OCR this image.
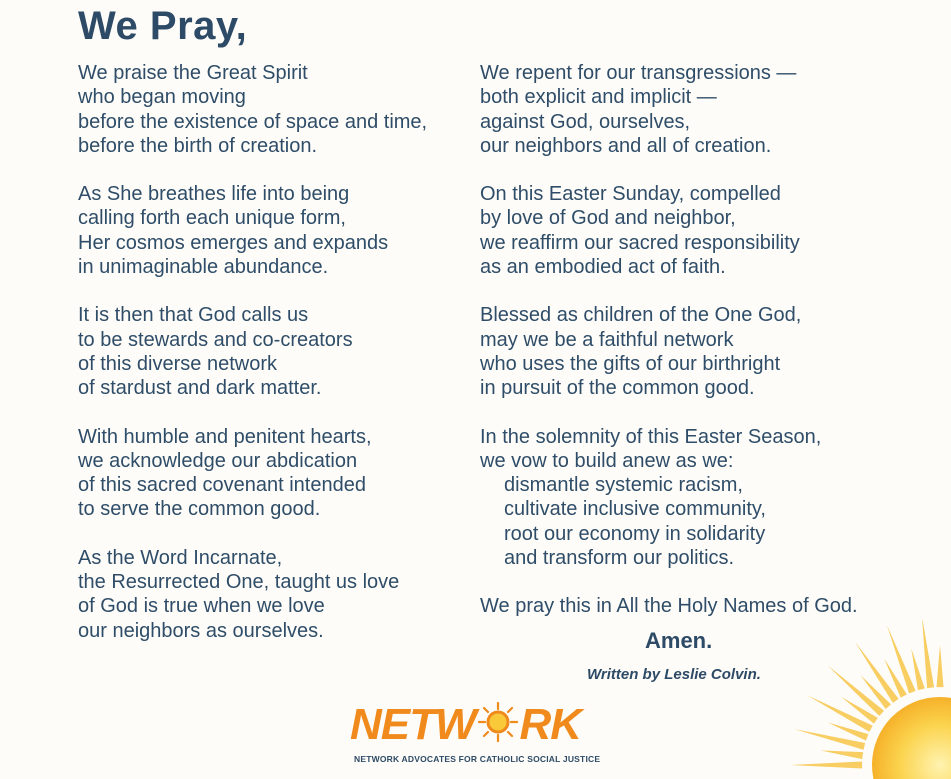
We Pray,

We praise the Great Spirit
who began moving
before the existence of space and time,
before the birth of creation.

As She breathes life into being
calling forth each unique form,
Her cosmos emerges and expands
in unimaginable abundance.

It is then that God calls us
to be stewards and co-creators
of this diverse network
of stardust and dark matter.

With humble and penitent hearts,
we acknowledge our abdication
of this sacred covenant intended
to serve the common good.

As the Word Incarnate,
the Resurrected One, taught us love
of God is true when we love
our neighbors as ourselves.

We repent for our transgressions —
both explicit and implicit —
against God, ourselves,
our neighbors and all of creation.

On this Easter Sunday, compelled
by love of God and neighbor,
we reaffirm our sacred responsibility
as an embodied act of faith.

Blessed as children of the One God,
may we be a faithful network
who uses the gifts of our birthright
in pursuit of the common good.

In the solemnity of this Easter Season,
we vow to build anew as we:
dismantle systemic racism,
cultivate inclusive community,
root our economy in solidarity
and transform our politics.

We pray this in All the Holy Names of God.

Amen.

Written by Leslie Colvin.

NETW RK
NETWORK ADVOCATES FOR CATHOLIC SOCIAL JUSTICE
